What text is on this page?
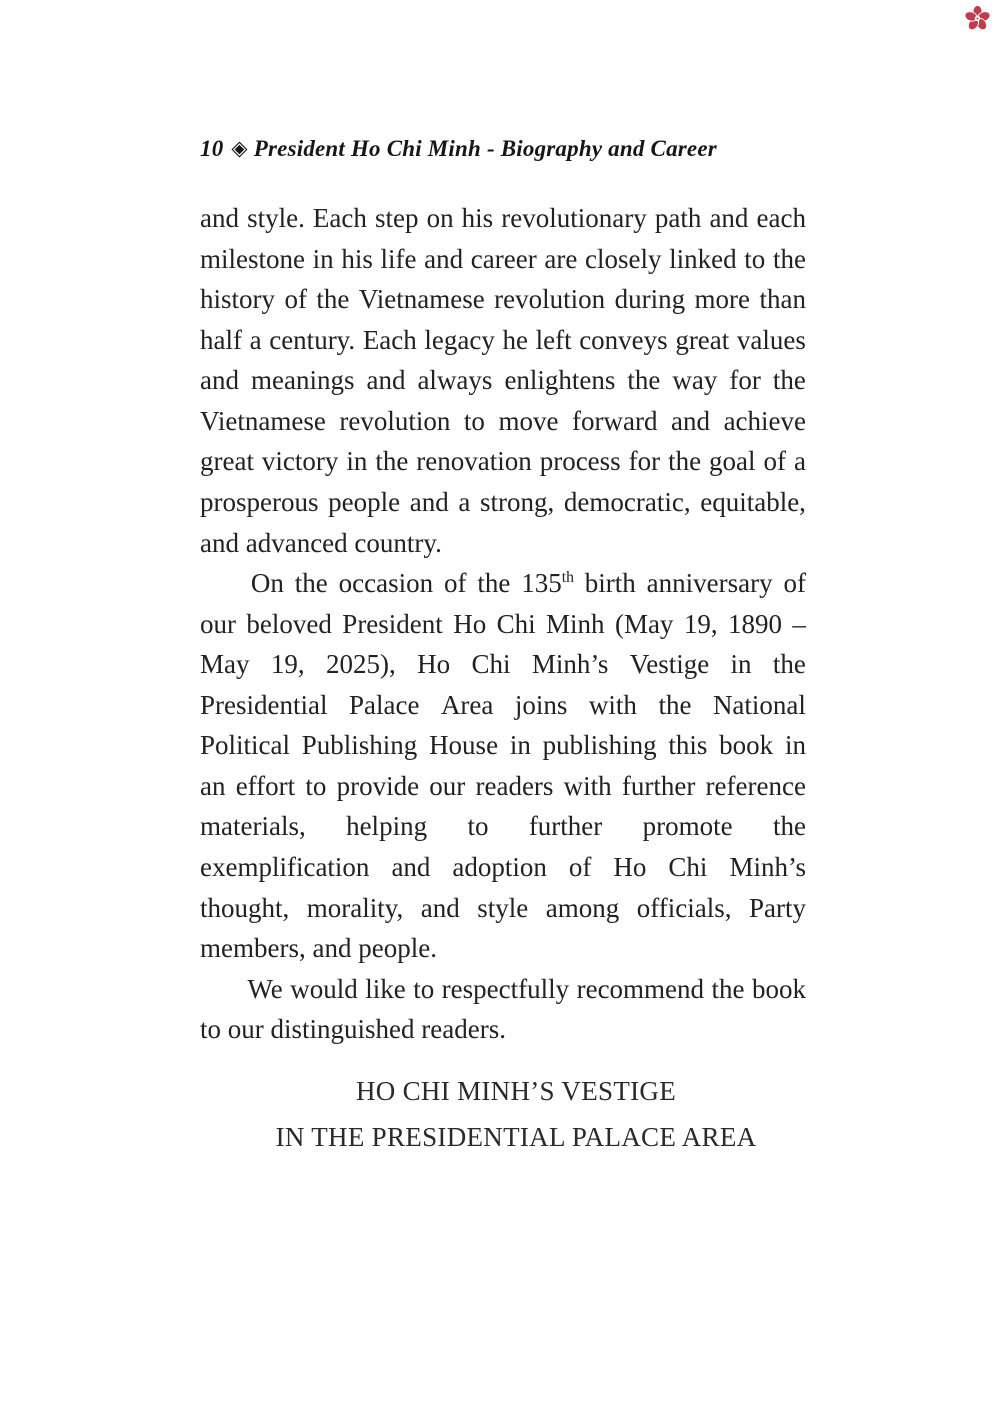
10 ◈ President Ho Chi Minh - Biography and Career
and style. Each step on his revolutionary path and each
milestone in his life and career are closely linked to the
history of the Vietnamese revolution during more than
half a century. Each legacy he left conveys great values
and meanings and always enlightens the way for the
Vietnamese revolution to move forward and achieve
great victory in the renovation process for the goal of a
prosperous people and a strong, democratic, equitable,
and advanced country.
On the occasion of the 135th birth anniversary of
our beloved President Ho Chi Minh (May 19, 1890 –
May 19, 2025), Ho Chi Minh’s Vestige in the
Presidential Palace Area joins with the National
Political Publishing House in publishing this book in
an effort to provide our readers with further reference
materials, helping to further promote the
exemplification and adoption of Ho Chi Minh’s
thought, morality, and style among officials, Party
members, and people.
We would like to respectfully recommend the book
to our distinguished readers.
HO CHI MINH’S VESTIGE
IN THE PRESIDENTIAL PALACE AREA
